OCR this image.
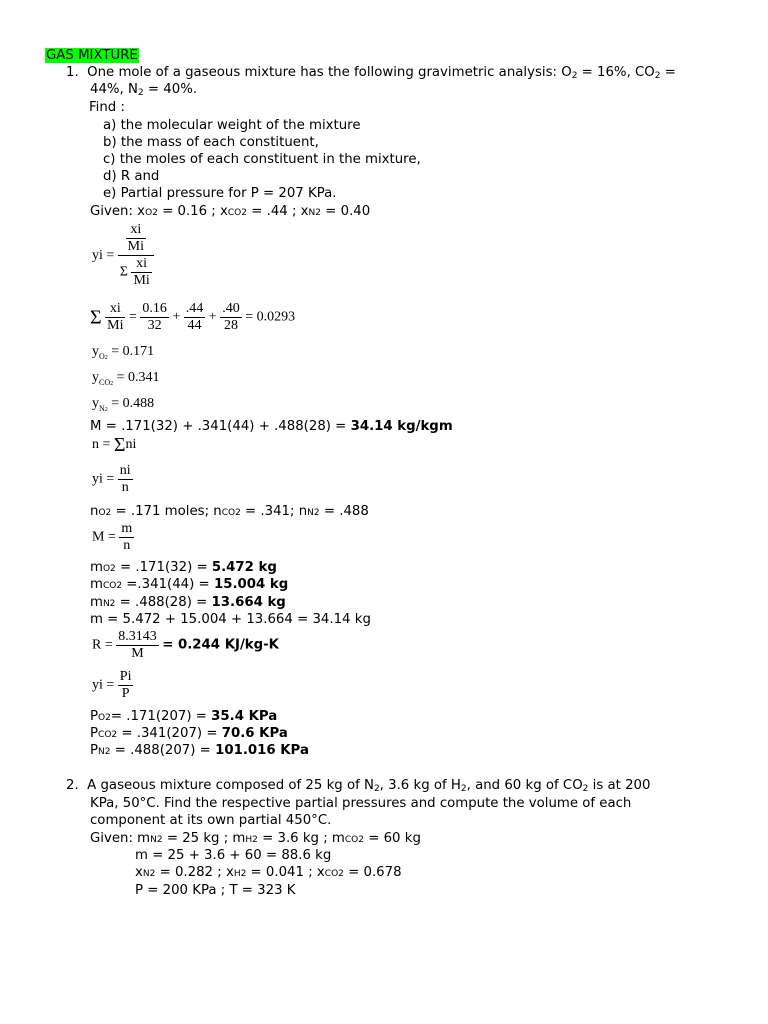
GAS MIXTURE
1. One mole of a gaseous mixture has the following gravimetric analysis: $O_2 = 16\%$, $CO_2$ =
44%, $N_2 = 40\%$.
Find :
a) the molecular weight of the mixture
b) the mass of each constituent,
c) the moles of each constituent in the mixture,
d) R and
e) Partial pressure for P = 207 KPa.
Given: xO2 = 0.16 ; xCO2 = .44 ; xN2 = 0.40
yi = $\frac{xi}{Mi}$
Σ $\frac{xi}{Mi}$
Σ $\frac{xi}{Mi} = \frac{0.16}{32} + \frac{.44}{44} + \frac{.40}{28} = 0.0293$
$y_{O2} = 0.171$
$y_{CO2} = 0.341$
$y_{N2} = 0.488$
M = .171(32) + .341(44) + .488(28) = 34.14 kg/kgm
n = Σni
yi = $\frac{ni}{n}$
nO2 = .171 moles; nCO2 = .341; nN2 = .488
$M = \frac{m}{n}$
mO2 = .171(32) = 5.472 kg
mCO2 =.341(44) = 15.004 kg
mN2 = .488(28) = 13.664 kg
m = 5.472 + 15.004 + 13.664 = 34.14 kg
$R = \frac{8.3143}{M} = 0.244$ KJ/kg-K
yi = $\frac{Pi}{P}$
PO2= .171(207) = 35.4 KPa
PCO2 = .341(207) = 70.6 KPa
PN2 = .488(207) = 101.016 KPa
2. A gaseous mixture composed of 25 kg of $N_2$, 3.6 kg of $H_2$, and 60 kg of $CO_2$ is at 200
KPa, 50°C. Find the respective partial pressures and compute the volume of each
component at its own partial 450°C.
Given: mN2 = 25 kg ; mH2 = 3.6 kg ; mCO2 = 60 kg
m = 25 + 3.6 + 60 = 88.6 kg
xN2 = 0.282 ; xH2 = 0.041 ; xCO2 = 0.678
P = 200 KPa ; T = 323 K
